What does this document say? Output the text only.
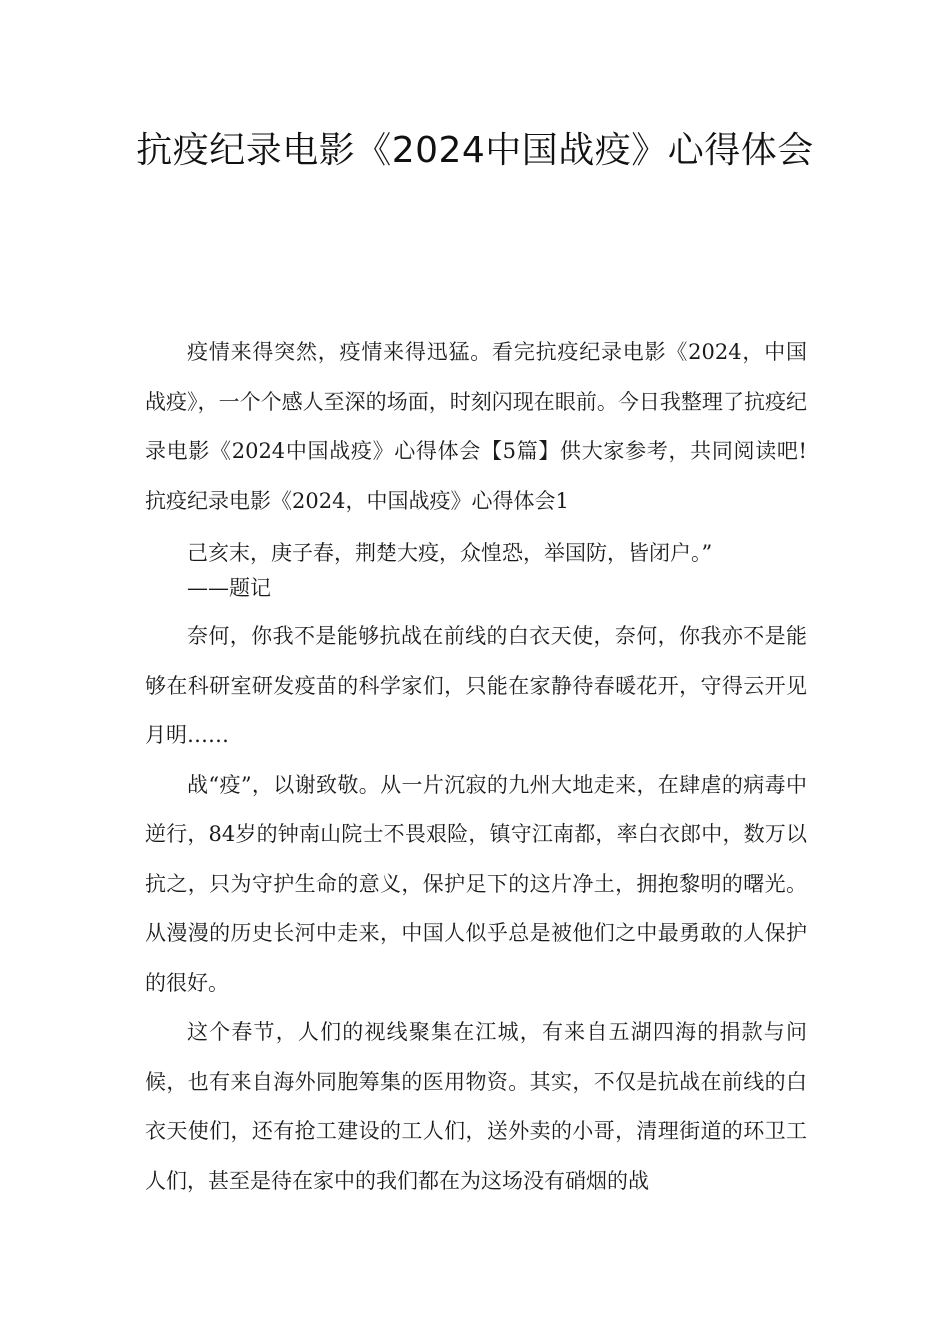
抗疫纪录电影《2024中国战疫》心得体会

疫情来得突然，疫情来得迅猛。看完抗疫纪录电影《2024，中国战疫》，一个个感人至深的场面，时刻闪现在眼前。今日我整理了抗疫纪录电影《2024中国战疫》心得体会【5篇】供大家参考，共同阅读吧!抗疫纪录电影《2024，中国战疫》心得体会1

己亥末，庚子春，荆楚大疫，众惶恐，举国防，皆闭户。”

——题记

奈何，你我不是能够抗战在前线的白衣天使，奈何，你我亦不是能够在科研室研发疫苗的科学家们，只能在家静待春暖花开，守得云开见月明……

战“疫”，以谢致敬。从一片沉寂的九州大地走来，在肆虐的病毒中逆行，84岁的钟南山院士不畏艰险，镇守江南都，率白衣郎中，数万以抗之，只为守护生命的意义，保护足下的这片净土，拥抱黎明的曙光。从漫漫的历史长河中走来，中国人似乎总是被他们之中最勇敢的人保护的很好。

这个春节，人们的视线聚集在江城，有来自五湖四海的捐款与问候，也有来自海外同胞筹集的医用物资。其实，不仅是抗战在前线的白衣天使们，还有抢工建设的工人们，送外卖的小哥，清理街道的环卫工人们，甚至是待在家中的我们都在为这场没有硝烟的战
